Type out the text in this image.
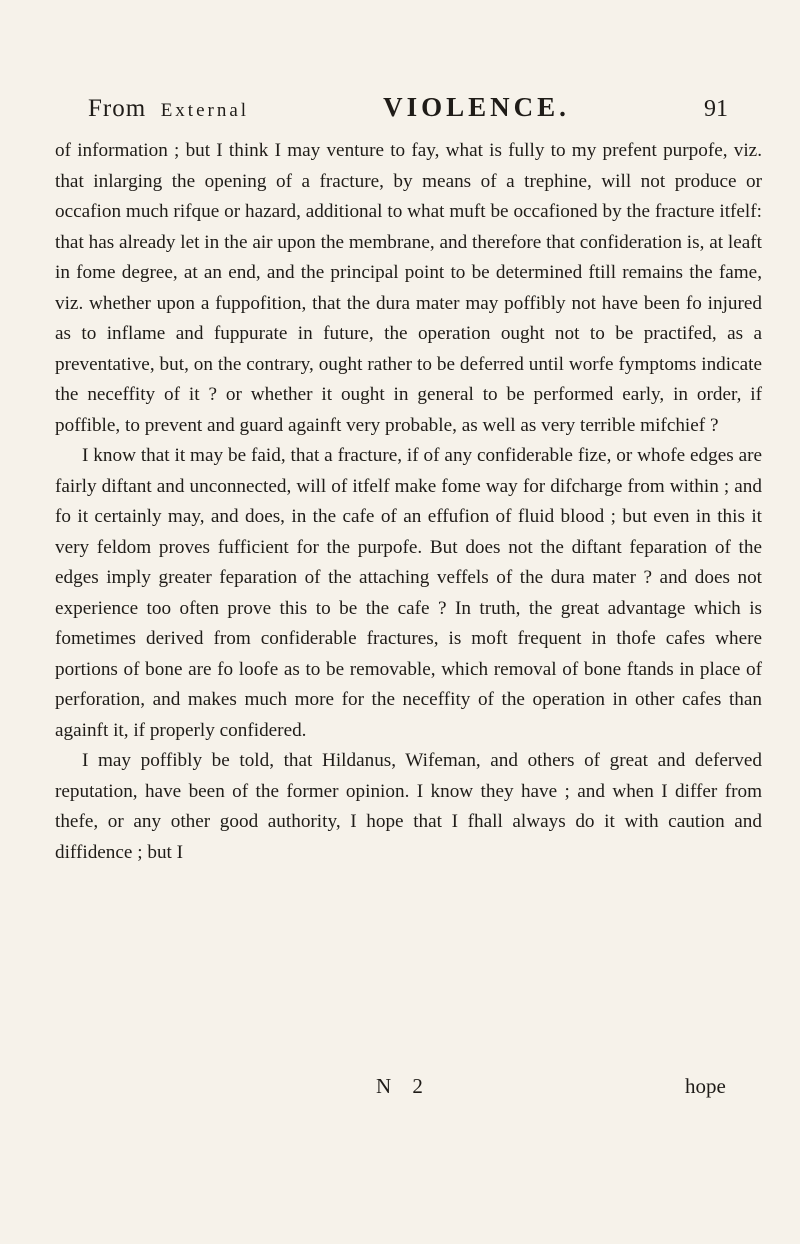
From External	VIOLENCE.	91

of information ; but I think I may venture to fay, what is fully to my prefent purpofe, viz. that inlarging the opening of a fracture, by means of a trephine, will not produce or occafion much rifque or hazard, additional to what muft be occafioned by the fracture itfelf: that has already let in the air upon the membrane, and therefore that confideration is, at leaft in fome degree, at an end, and the principal point to be determined ftill remains the fame, viz. whether upon a fuppofition, that the dura mater may poffibly not have been fo injured as to inflame and fuppurate in future, the operation ought not to be practifed, as a preventative, but, on the contrary, ought rather to be deferred until worfe fymptoms indicate the neceffity of it ? or whether it ought in general to be performed early, in order, if poffible, to prevent and guard againft very probable, as well as very terrible mifchief ?

I know that it may be faid, that a fracture, if of any confiderable fize, or whofe edges are fairly diftant and unconnected, will of itfelf make fome way for difcharge from within ; and fo it certainly may, and does, in the cafe of an effufion of fluid blood ; but even in this it very feldom proves fufficient for the purpofe. But does not the diftant feparation of the edges imply greater feparation of the attaching veffels of the dura mater ? and does not experience too often prove this to be the cafe ? In truth, the great advantage which is fometimes derived from confiderable fractures, is moft frequent in thofe cafes where portions of bone are fo loofe as to be removable, which removal of bone ftands in place of perforation, and makes much more for the neceffity of the operation in other cafes than againft it, if properly confidered.

I may poffibly be told, that Hildanus, Wifeman, and others of great and deferved reputation, have been of the former opinion. I know they have ; and when I differ from thefe, or any other good authority, I hope that I fhall always do it with caution and diffidence ; but I

N 2	hope
